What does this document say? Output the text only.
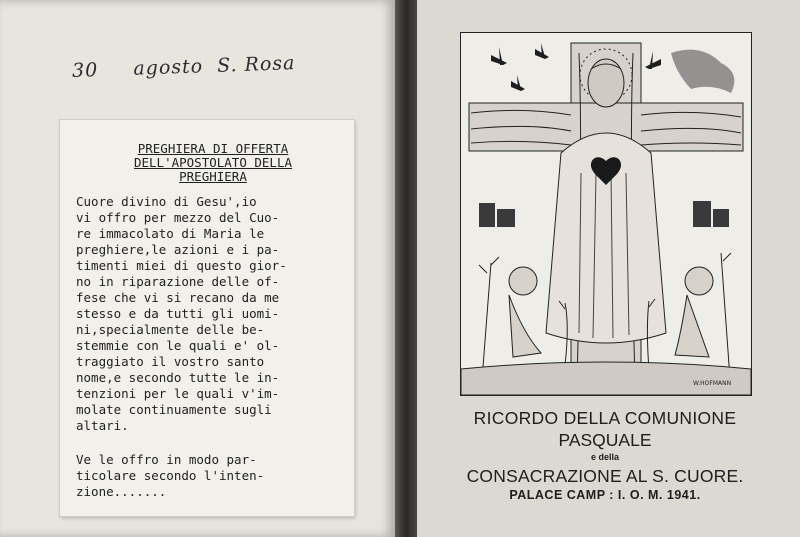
30     agosto  S. Rosa
PREGHIERA DI OFFERTA
DELL'APOSTOLATO DELLA
PREGHIERA
Cuore divino di Gesu',io
vi offro per mezzo del Cuo-
re immacolato di Maria le
preghiere,le azioni e i pa-
timenti miei di questo gior-
no in riparazione delle of-
fese che vi si recano da me
stesso e da tutti gli uomi-
ni,specialmente delle be-
stemmie con le quali e' ol-
traggiato il vostro santo
nome,e secondo tutte le in-
tenzioni per le quali v'im-
molate continuamente sugli
altari.
Ve le offro in modo par-
ticolare secondo l'inten-
zione.......
W.HOFMANN
RICORDO DELLA COMUNIONE
PASQUALE
e della
CONSACRAZIONE AL S. CUORE.
PALACE CAMP : I. O. M. 1941.
